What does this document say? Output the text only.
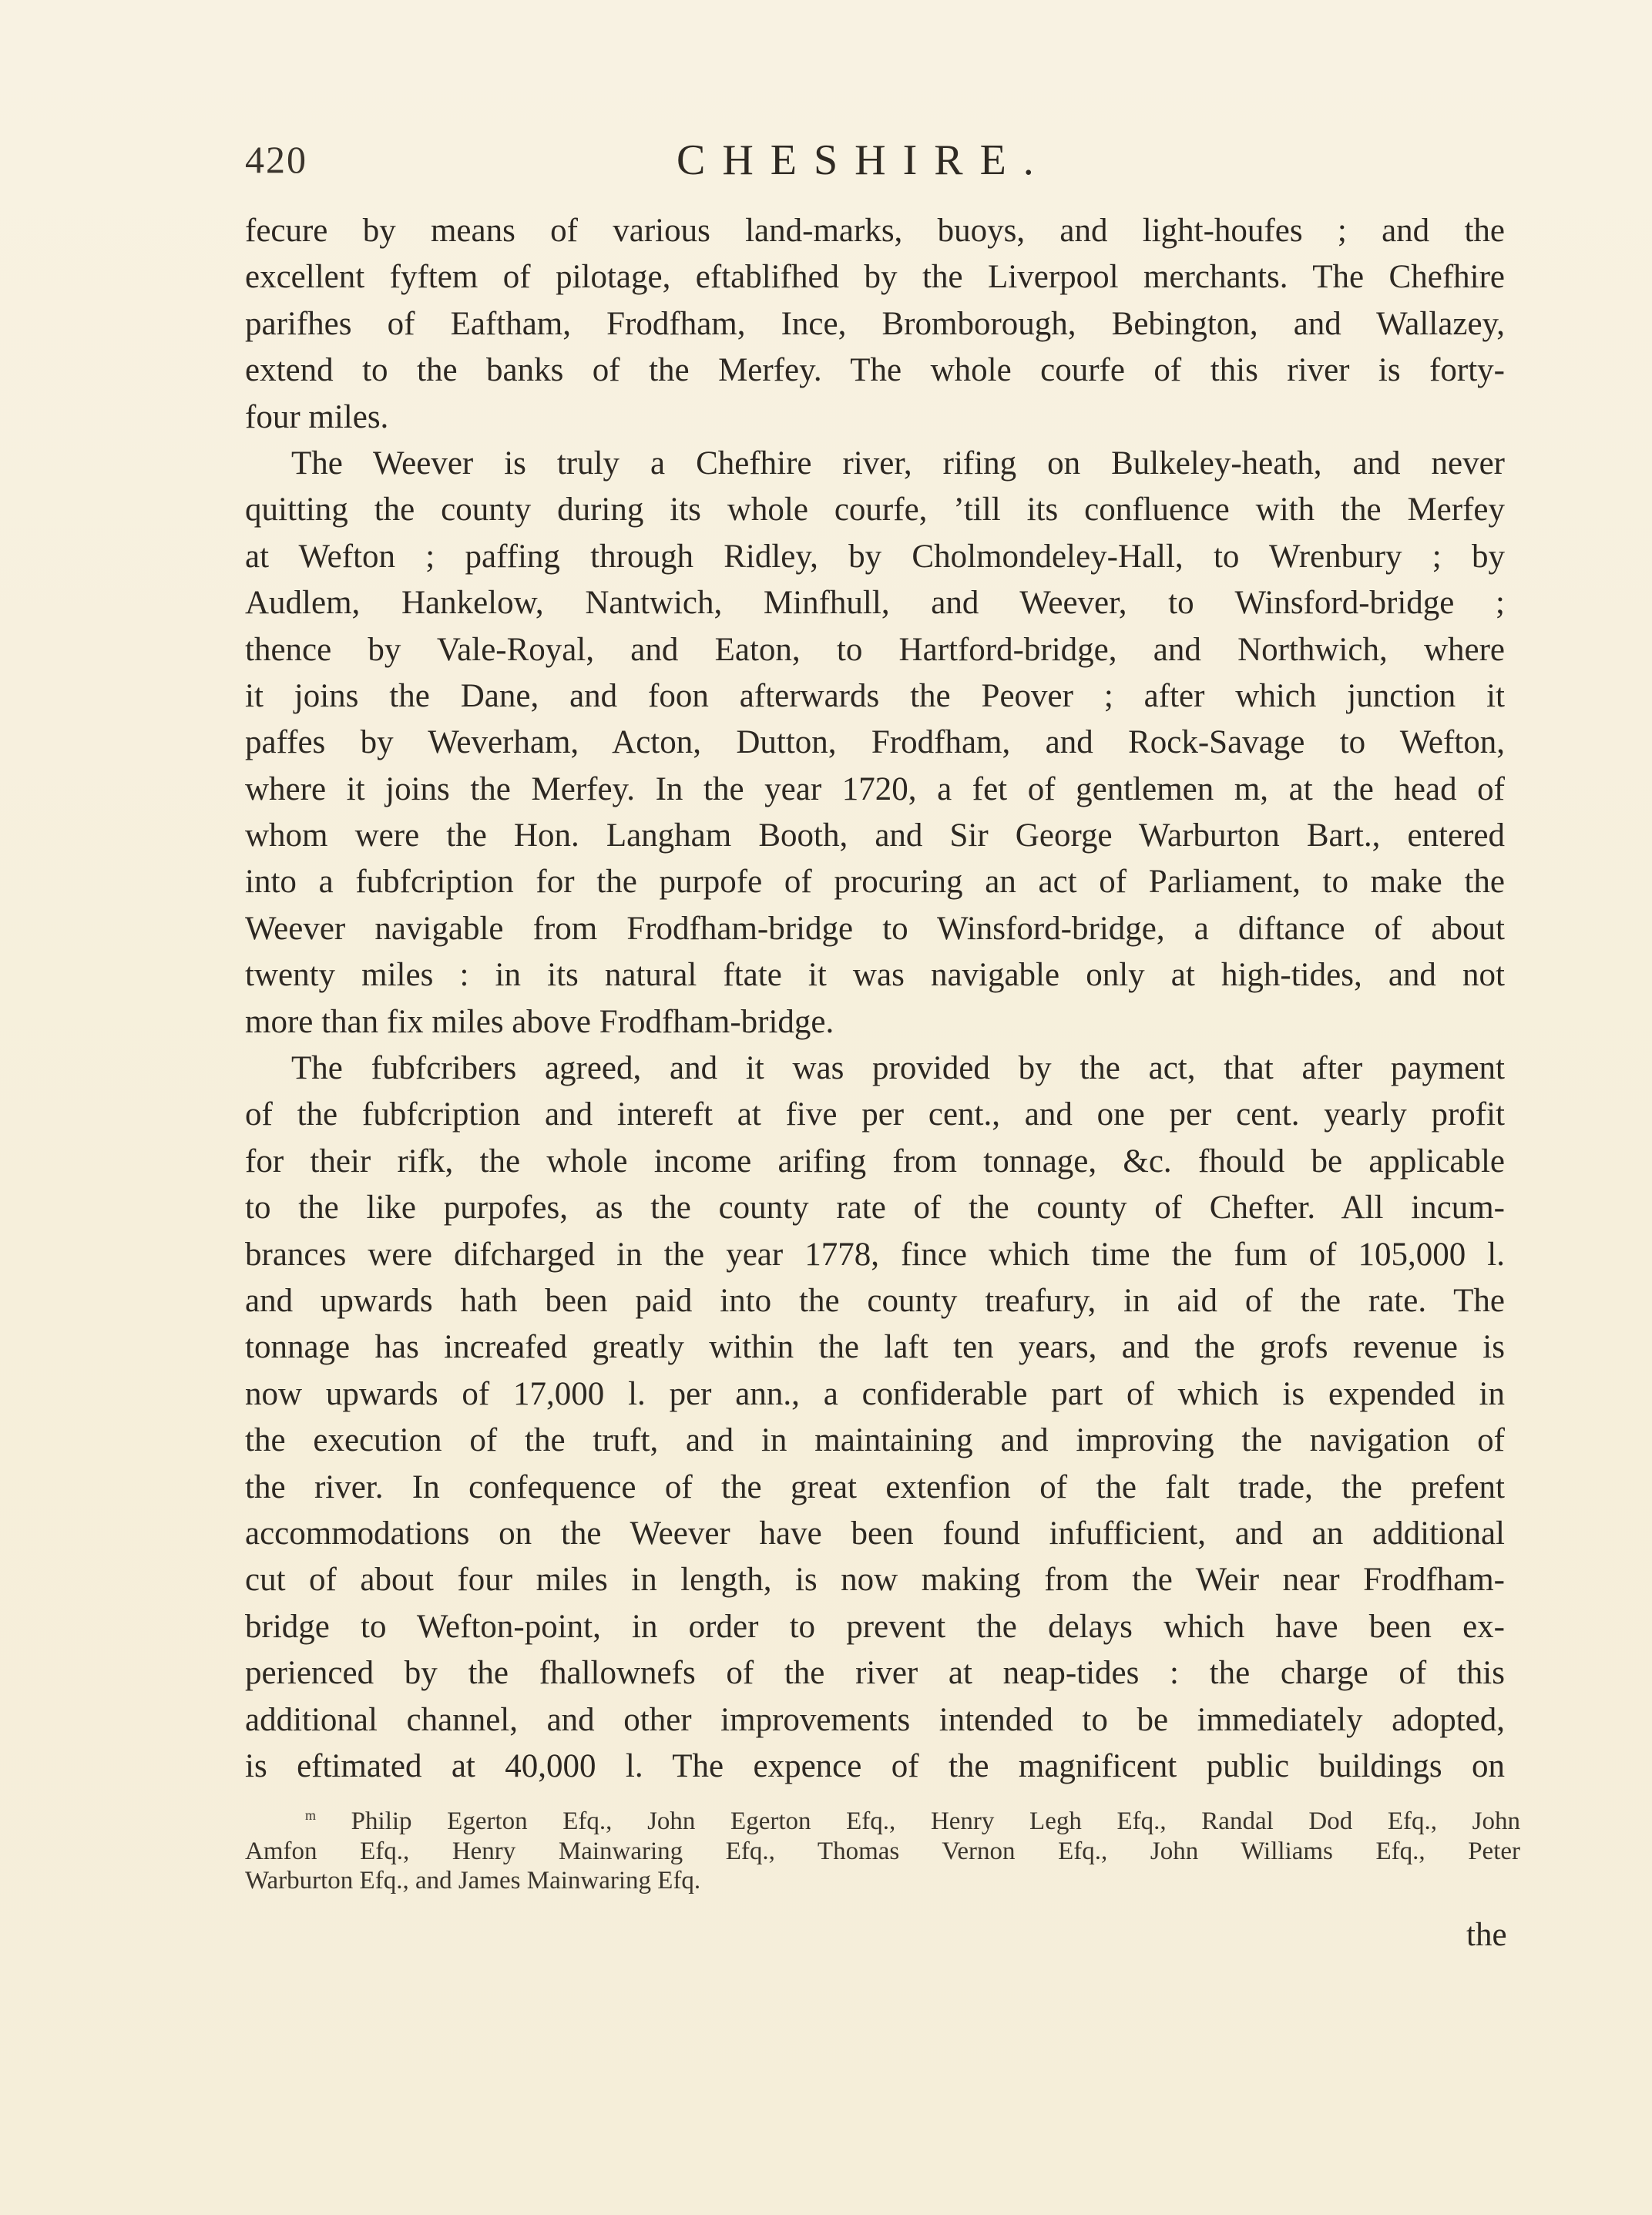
420	CHESHIRE.
fecure by means of various land-marks, buoys, and light-houfes ; and the
excellent fyftem of pilotage, eftablifhed by the Liverpool merchants. The Chefhire
parifhes of Eaftham, Frodfham, Ince, Bromborough, Bebington, and Wallazey,
extend to the banks of the Merfey. The whole courfe of this river is forty-
four miles.
The Weever is truly a Chefhire river, rifing on Bulkeley-heath, and never
quitting the county during its whole courfe, ’till its confluence with the Merfey
at Wefton ; paffing through Ridley, by Cholmondeley-Hall, to Wrenbury ; by
Audlem, Hankelow, Nantwich, Minfhull, and Weever, to Winsford-bridge ;
thence by Vale-Royal, and Eaton, to Hartford-bridge, and Northwich, where
it joins the Dane, and foon afterwards the Peover ; after which junction it
paffes by Weverham, Acton, Dutton, Frodfham, and Rock-Savage to Wefton,
where it joins the Merfey. In the year 1720, a fet of gentlemen m, at the head of
whom were the Hon. Langham Booth, and Sir George Warburton Bart., entered
into a fubfcription for the purpofe of procuring an act of Parliament, to make the
Weever navigable from Frodfham-bridge to Winsford-bridge, a diftance of about
twenty miles : in its natural ftate it was navigable only at high-tides, and not
more than fix miles above Frodfham-bridge.
The fubfcribers agreed, and it was provided by the act, that after payment
of the fubfcription and intereft at five per cent., and one per cent. yearly profit
for their rifk, the whole income arifing from tonnage, &c. fhould be applicable
to the like purpofes, as the county rate of the county of Chefter. All incum-
brances were difcharged in the year 1778, fince which time the fum of 105,000 l.
and upwards hath been paid into the county treafury, in aid of the rate. The
tonnage has increafed greatly within the laft ten years, and the grofs revenue is
now upwards of 17,000 l. per ann., a confiderable part of which is expended in
the execution of the truft, and in maintaining and improving the navigation of
the river. In confequence of the great extenfion of the falt trade, the prefent
accommodations on the Weever have been found infufficient, and an additional
cut of about four miles in length, is now making from the Weir near Frodfham-
bridge to Wefton-point, in order to prevent the delays which have been ex-
perienced by the fhallownefs of the river at neap-tides : the charge of this
additional channel, and other improvements intended to be immediately adopted,
is eftimated at 40,000 l. The expence of the magnificent public buildings on
$^m$ Philip Egerton Efq., John Egerton Efq., Henry Legh Efq., Randal Dod Efq., John
Amfon Efq., Henry Mainwaring Efq., Thomas Vernon Efq., John Williams Efq., Peter
Warburton Efq., and James Mainwaring Efq.
the
